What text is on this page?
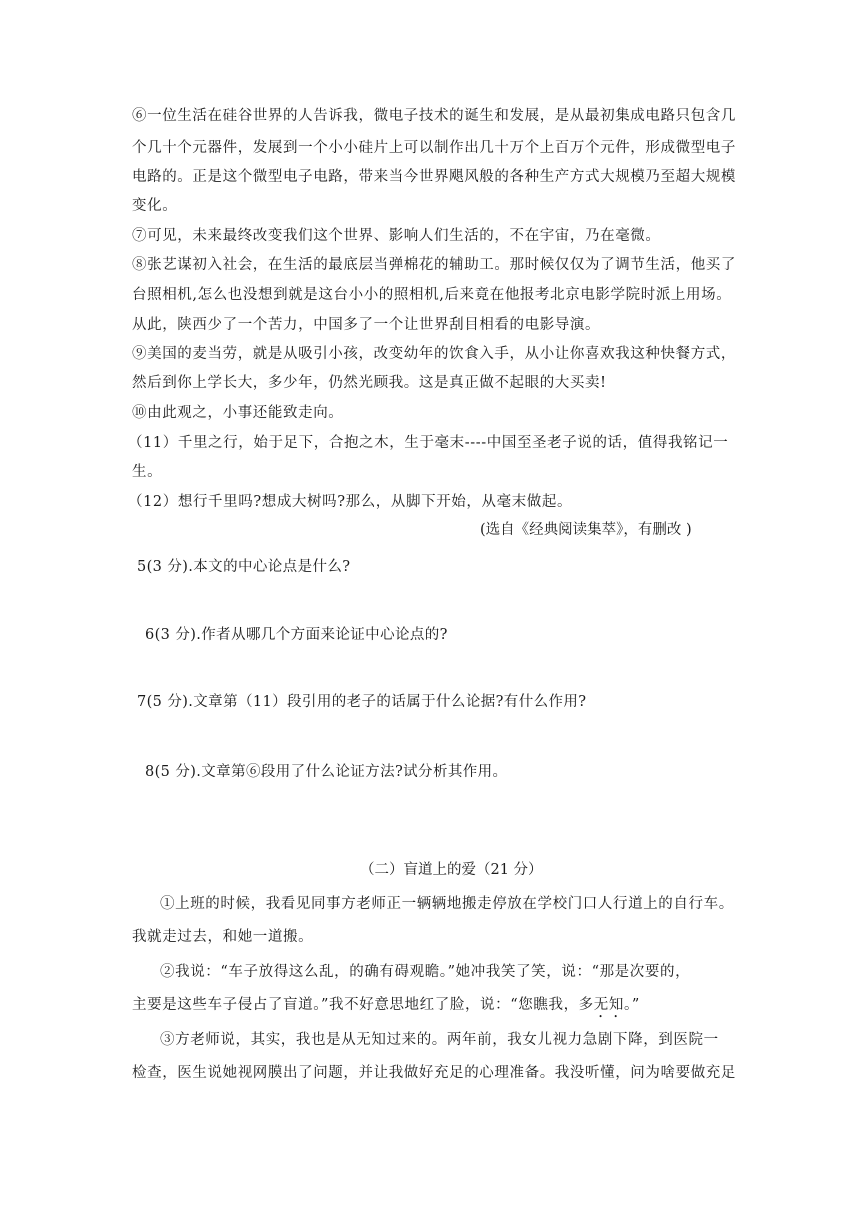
⑥一位生活在硅谷世界的人告诉我，微电子技术的诞生和发展，是从最初集成电路只包含几
个几十个元器件，发展到一个小小硅片上可以制作出几十万个上百万个元件，形成微型电子
电路的。正是这个微型电子电路，带来当今世界飓风般的各种生产方式大规模乃至超大规模
变化。
⑦可见，未来最终改变我们这个世界、影响人们生活的，不在宇宙，乃在毫微。
⑧张艺谋初入社会，在生活的最底层当弹棉花的辅助工。那时候仅仅为了调节生活，他买了
台照相机,怎么也没想到就是这台小小的照相机,后来竟在他报考北京电影学院时派上用场。
从此，陕西少了一个苦力，中国多了一个让世界刮目相看的电影导演。
⑨美国的麦当劳，就是从吸引小孩，改变幼年的饮食入手，从小让你喜欢我这种快餐方式，
然后到你上学长大，多少年，仍然光顾我。这是真正做不起眼的大买卖!
⑩由此观之，小事还能致走向。
（11）千里之行，始于足下，合抱之木，生于毫末----中国至圣老子说的话，值得我铭记一
生。
（12）想行千里吗?想成大树吗?那么，从脚下开始，从毫末做起。
(选自《经典阅读集萃》，有删改 )
5(3 分).本文的中心论点是什么?
6(3 分).作者从哪几个方面来论证中心论点的?
7(5 分).文章第（11）段引用的老子的话属于什么论据?有什么作用?
8(5 分).文章第⑥段用了什么论证方法?试分析其作用。
（二）盲道上的爱（21 分）
①上班的时候，我看见同事方老师正一辆辆地搬走停放在学校门口人行道上的自行车。
我就走过去，和她一道搬。
②我说：“车子放得这么乱，的确有碍观瞻。”她冲我笑了笑，说：“那是次要的，
主要是这些车子侵占了盲道。”我不好意思地红了脸，说：“您瞧我，多无知。”
③方老师说，其实，我也是从无知过来的。两年前，我女儿视力急剧下降，到医院一
检查，医生说她视网膜出了问题，并让我做好充足的心理准备。我没听懂，问为啥要做充足
